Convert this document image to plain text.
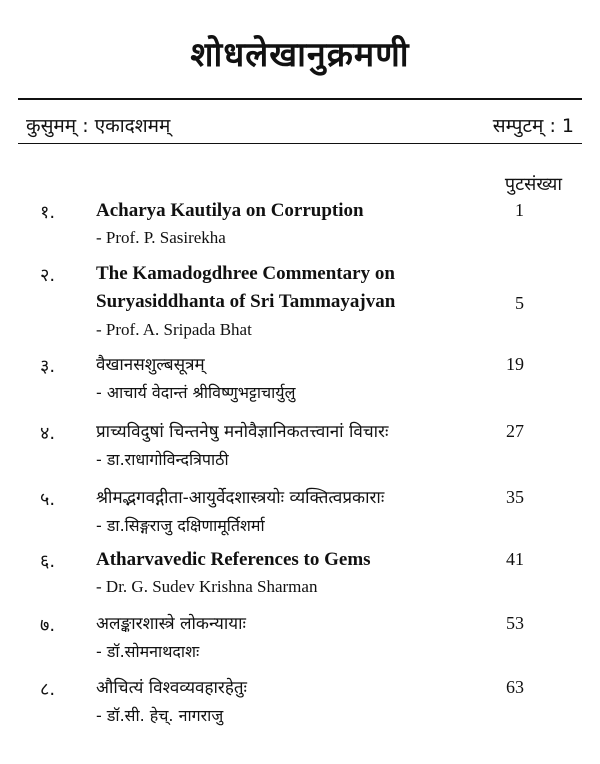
शोधलेखानुक्रमणी
कुसुमम् : एकादशमम्	सम्पुटम् : 1
पुटसंख्या
१. Acharya Kautilya on Corruption
- Prof. P. Sasirekha
1
२. The Kamadogdhree Commentary on
Suryasiddhanta of Sri Tammayajvan
- Prof. A. Sripada Bhat
5
३. वैखानसशुल्बसूत्रम्
- आचार्य वेदान्तं श्रीविष्णुभट्टाचार्युलु
19
४. प्राच्यविदुषां चिन्तनेषु मनोवैज्ञानिकतत्त्वानां विचारः
- डा.राधागोविन्दत्रिपाठी
27
५. श्रीमद्भगवद्गीता-आयुर्वेदशास्त्रयोः व्यक्तित्वप्रकाराः
- डा.सिङ्गराजु दक्षिणामूर्तिशर्मा
35
६. Atharvavedic References to Gems
- Dr. G. Sudev Krishna Sharman
41
७. अलङ्कारशास्त्रे लोकन्यायाः
- डॉ.सोमनाथदाशः
53
८. औचित्यं विश्वव्यवहारहेतुः
- डॉ.सी. हेच्. नागराजु
63
